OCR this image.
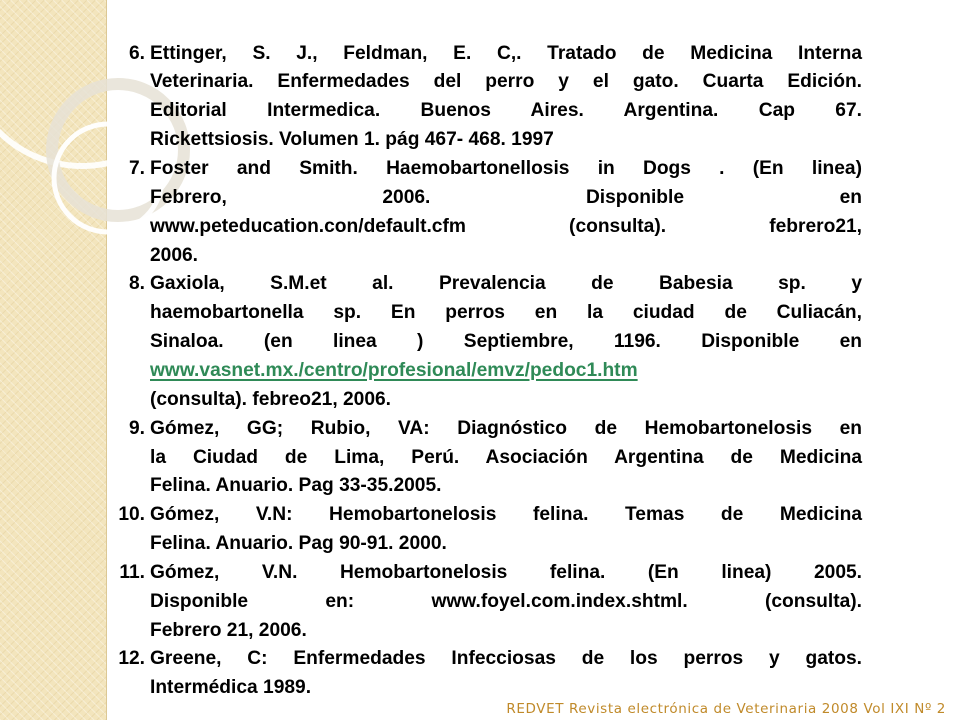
6. Ettinger, S. J., Feldman, E. C,. Tratado de Medicina Interna
Veterinaria. Enfermedades del perro y el gato. Cuarta Edición.
Editorial Intermedica. Buenos Aires. Argentina. Cap 67.
Rickettsiosis. Volumen 1. pág 467- 468. 1997
7. Foster and Smith. Haemobartonellosis in Dogs . (En linea)
Febrero, 2006. Disponible en
www.peteducation.con/default.cfm (consulta). febrero21,
2006.
8. Gaxiola, S.M.et al. Prevalencia de Babesia sp. y
haemobartonella sp. En perros en la ciudad de Culiacán,
Sinaloa. (en linea ) Septiembre, 1196. Disponible en
www.vasnet.mx./centro/profesional/emvz/pedoc1.htm
(consulta). febreo21, 2006.
9. Gómez, GG; Rubio, VA: Diagnóstico de Hemobartonelosis en
la Ciudad de Lima, Perú. Asociación Argentina de Medicina
Felina. Anuario. Pag 33-35.2005.
10. Gómez, V.N: Hemobartonelosis felina. Temas de Medicina
Felina. Anuario. Pag 90-91. 2000.
11. Gómez, V.N. Hemobartonelosis felina. (En linea) 2005.
Disponible en: www.foyel.com.index.shtml. (consulta).
Febrero 21, 2006.
12. Greene, C: Enfermedades Infecciosas de los perros y gatos.
Intermédica 1989.
REDVET Revista electrónica de Veterinaria 2008 Vol IXI Nº 2
